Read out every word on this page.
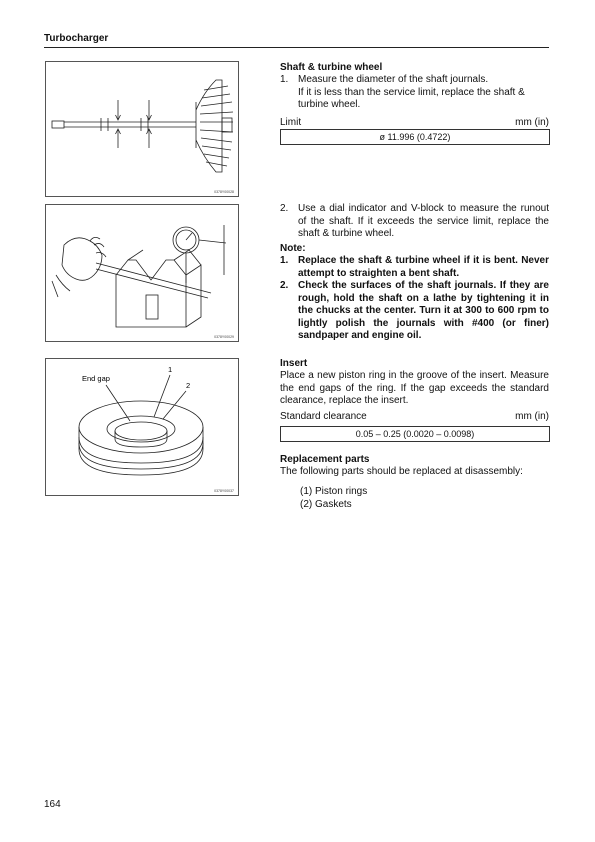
Turbocharger
0378Y00028
0378Y00029
End gap
1
2
0378Y00037
Shaft & turbine wheel
1. Measure the diameter of the shaft journals.
If it is less than the service limit, replace the shaft & turbine wheel.
Limit	mm (in)
ø 11.996 (0.4722)
2. Use a dial indicator and V-block to measure the runout of the shaft. If it exceeds the service limit, replace the shaft & turbine wheel.
Note:
1. Replace the shaft & turbine wheel if it is bent. Never attempt to straighten a bent shaft.
2. Check the surfaces of the shaft journals. If they are rough, hold the shaft on a lathe by tightening it in the chucks at the center. Turn it at 300 to 600 rpm to lightly polish the journals with #400 (or finer) sandpaper and engine oil.
Insert
Place a new piston ring in the groove of the insert. Measure the end gaps of the ring. If the gap exceeds the standard clearance, replace the insert.
Standard clearance	mm (in)
0.05 – 0.25 (0.0020 – 0.0098)
Replacement parts
The following parts should be replaced at disassembly:
(1) Piston rings
(2) Gaskets
164
